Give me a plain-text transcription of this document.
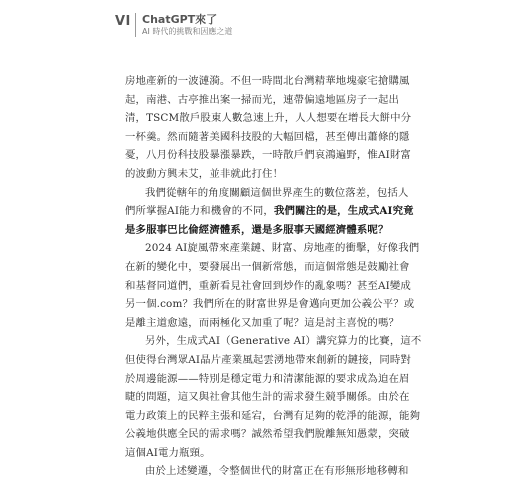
VI ChatGPT來了
AI 時代的挑戰和因應之道
房地產新的一波漣漪。不但一時間北台灣精華地塊豪宅搶購風
起，南港、古亭推出案一掃而光，連帶偏遠地區房子一起出
清，TSCM散戶股東人數急速上升，人人想要在增長大餅中分
一杯羹。然而隨著美國科技股的大幅回檔，甚至傳出蕭條的隱
憂，八月份科技股暴漲暴跌，一時散戶們哀鴻遍野，惟AI財富
的波動方興未艾，並非就此打住！
我們從轄年的角度關顧這個世界產生的數位落差，包括人
們所掌握AI能力和機會的不同，我們關注的是，生成式AI究竟
是多服事巴比倫經濟體系，還是多服事天國經濟體系呢？
2024 AI旋風帶來產業鏈、財富、房地產的衝擊，好像我們
在新的變化中，要發展出一個新常態，而這個常態是鼓勵社會
和基督同道們，重新看見社會回到炒作的亂象嗎？甚至AI變成
另一個.com？我們所在的財富世界是會邁向更加公義公平？或
是離主道愈遠，而兩極化又加重了呢？這是討主喜悅的嗎？
另外，生成式AI（Generative AI）講究算力的比賽，這不
但使得台灣眾AI晶片產業風起雲湧地帶來創新的鏈接，同時對
於周邊能源——特別是穩定電力和清潔能源的要求成為迫在眉
睫的問題，這又與社會其他生計的需求發生競爭關係。由於在
電力政策上的民粹主張和延宕，台灣有足夠的乾淨的能源，能夠
公義地供應全民的需求嗎？誠然希望我們脫離無知愚蒙，突破
這個AI電力瓶頸。
由於上述變遷，令整個世代的財富正在有形無形地移轉和
